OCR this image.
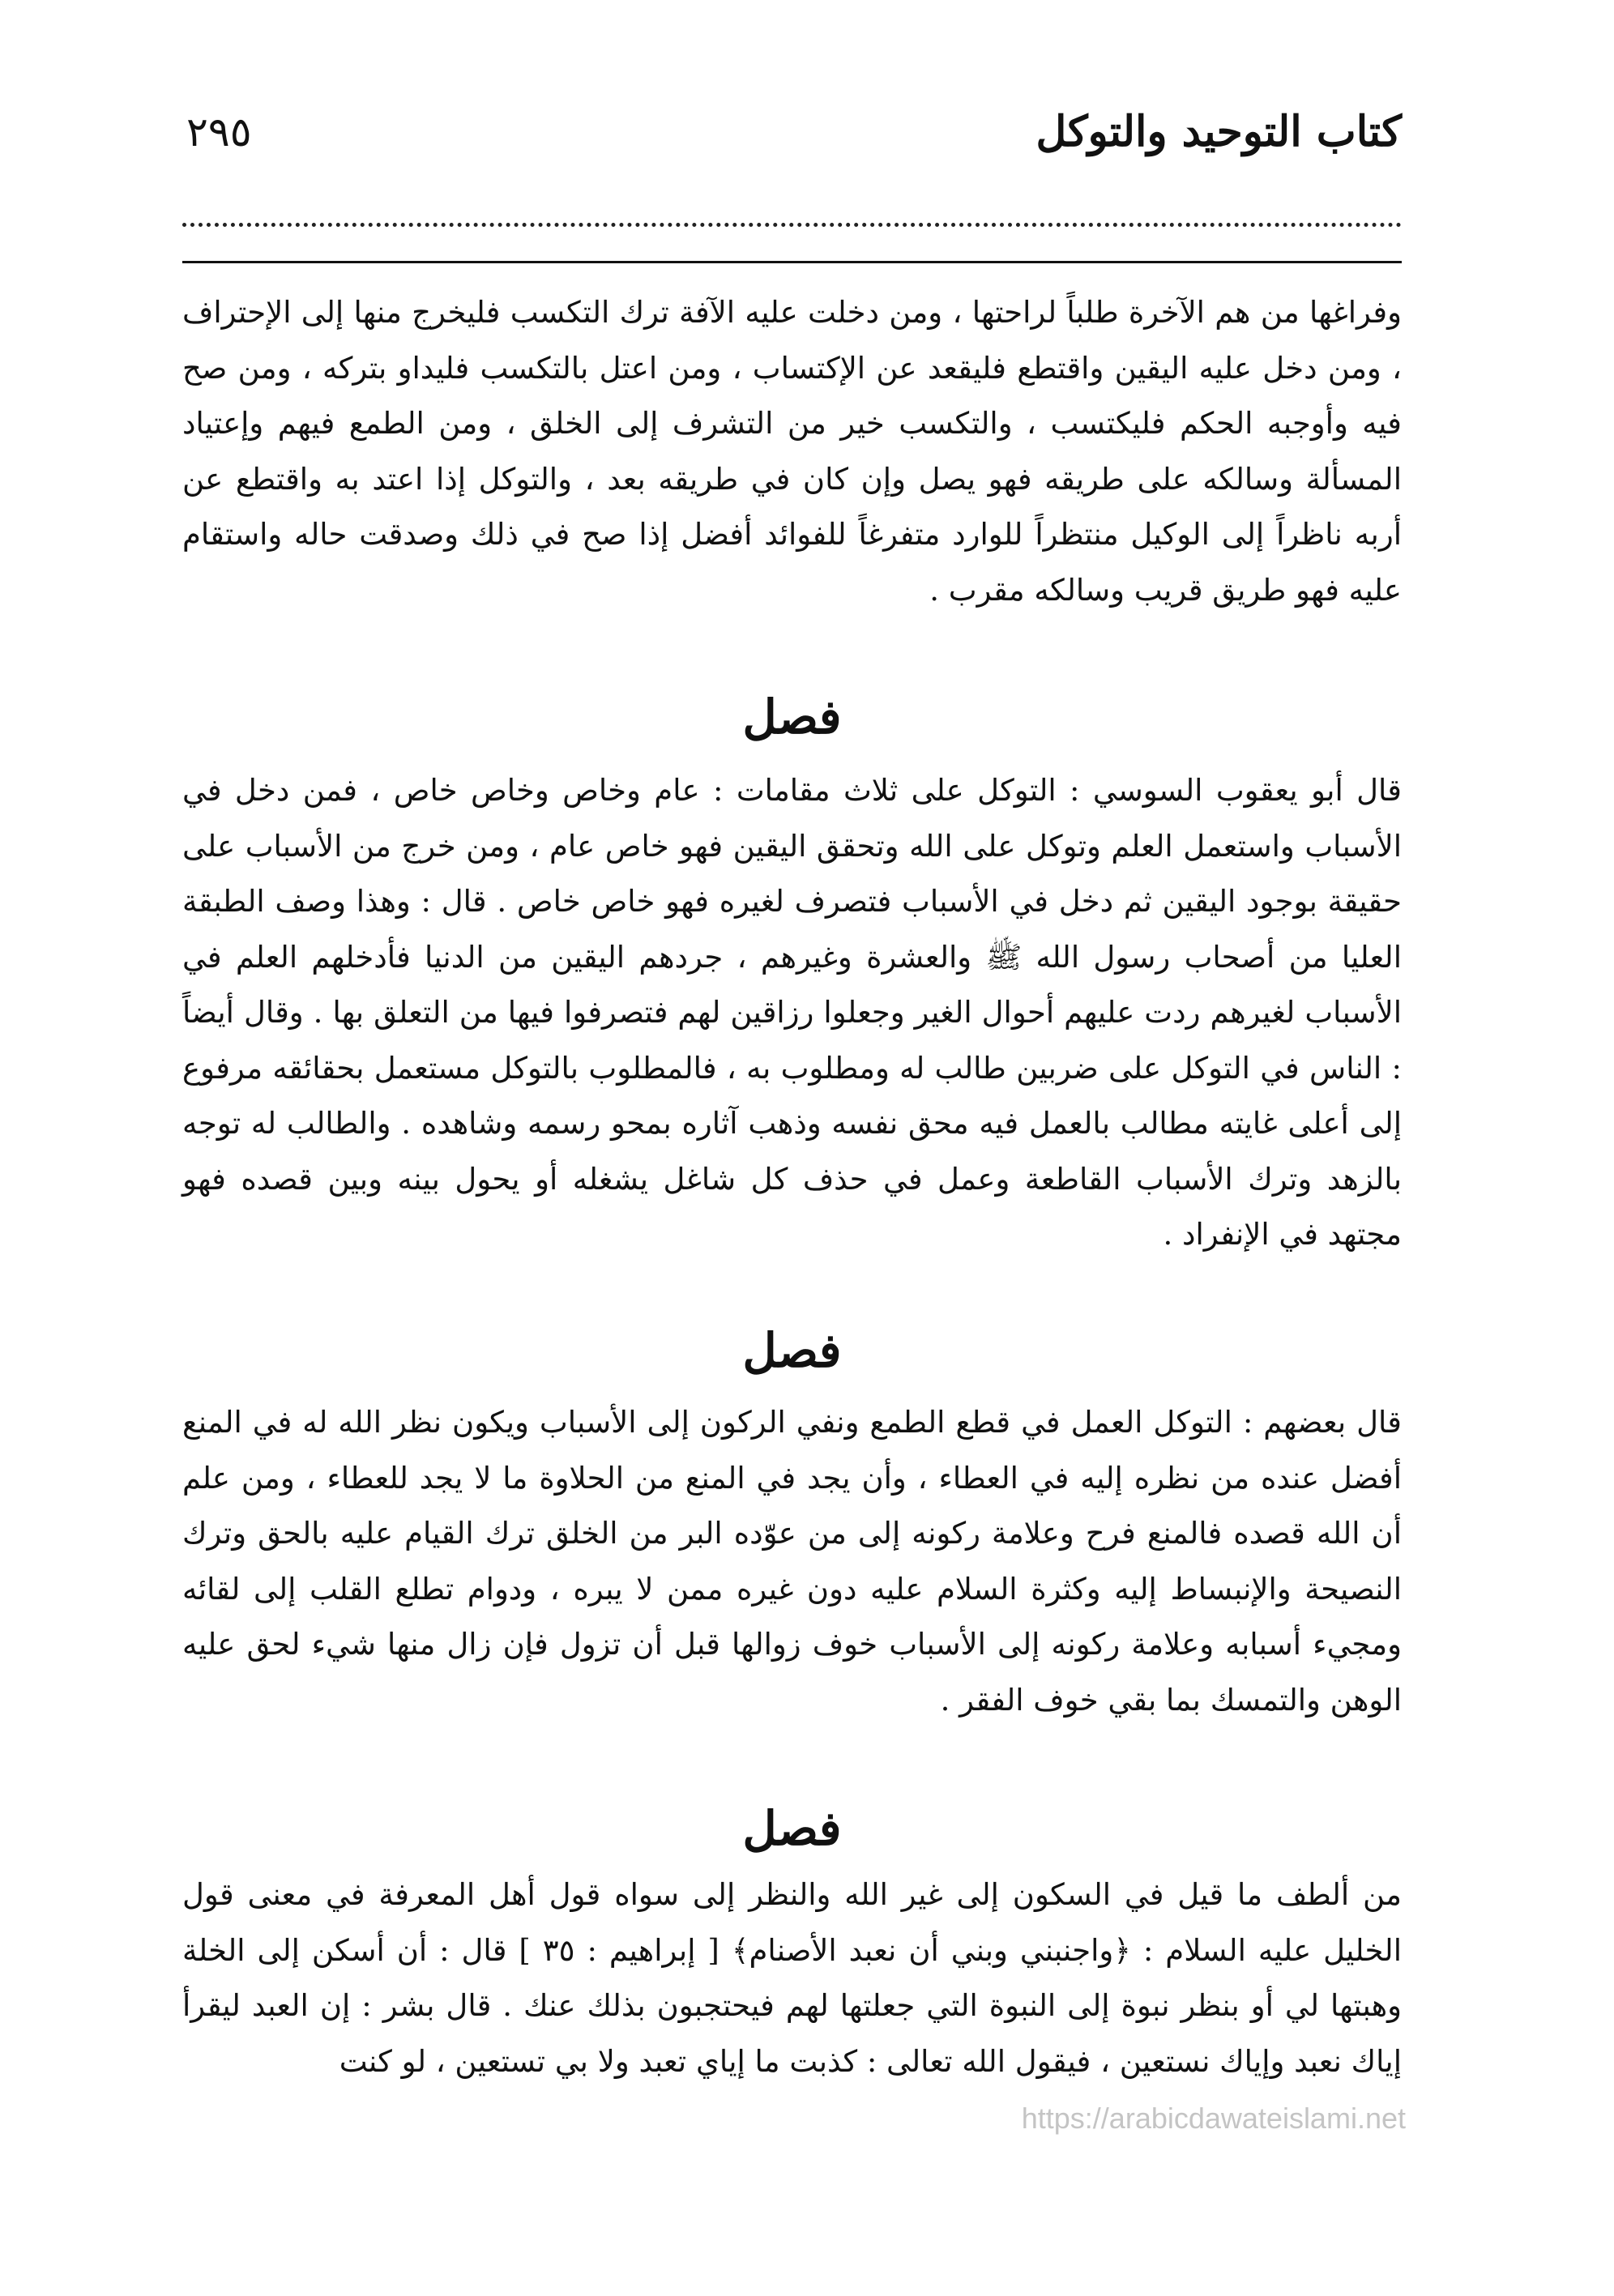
كتاب التوحيد والتوكل
٢٩٥

وفراغها من هم الآخرة طلباً لراحتها ، ومن دخلت عليه الآفة ترك التكسب فليخرج منها إلى الإحتراف ، ومن دخل عليه اليقين واقتطع فليقعد عن الإكتساب ، ومن اعتل بالتكسب فليداو بتركه ، ومن صح فيه وأوجبه الحكم فليكتسب ، والتكسب خير من التشرف إلى الخلق ، ومن الطمع فيهم وإعتياد المسألة وسالكه على طريقه فهو يصل وإن كان في طريقه بعد ، والتوكل إذا اعتد به واقتطع عن أربه ناظراً إلى الوكيل منتظراً للوارد متفرغاً للفوائد أفضل إذا صح في ذلك وصدقت حاله واستقام عليه فهو طريق قريب وسالكه مقرب .

فصل

قال أبو يعقوب السوسي : التوكل على ثلاث مقامات : عام وخاص وخاص خاص ، فمن دخل في الأسباب واستعمل العلم وتوكل على الله وتحقق اليقين فهو خاص عام ، ومن خرج من الأسباب على حقيقة بوجود اليقين ثم دخل في الأسباب فتصرف لغيره فهو خاص خاص . قال : وهذا وصف الطبقة العليا من أصحاب رسول الله ﷺ والعشرة وغيرهم ، جردهم اليقين من الدنيا فأدخلهم العلم في الأسباب لغيرهم ردت عليهم أحوال الغير وجعلوا رزاقين لهم فتصرفوا فيها من التعلق بها . وقال أيضاً : الناس في التوكل على ضربين طالب له ومطلوب به ، فالمطلوب بالتوكل مستعمل بحقائقه مرفوع إلى أعلى غايته مطالب بالعمل فيه محق نفسه وذهب آثاره بمحو رسمه وشاهده . والطالب له توجه بالزهد وترك الأسباب القاطعة وعمل في حذف كل شاغل يشغله أو يحول بينه وبين قصده فهو مجتهد في الإنفراد .

فصل

قال بعضهم : التوكل العمل في قطع الطمع ونفي الركون إلى الأسباب ويكون نظر الله له في المنع أفضل عنده من نظره إليه في العطاء ، وأن يجد في المنع من الحلاوة ما لا يجد للعطاء ، ومن علم أن الله قصده فالمنع فرح وعلامة ركونه إلى من عوّده البر من الخلق ترك القيام عليه بالحق وترك النصيحة والإنبساط إليه وكثرة السلام عليه دون غيره ممن لا يبره ، ودوام تطلع القلب إلى لقائه ومجيء أسبابه وعلامة ركونه إلى الأسباب خوف زوالها قبل أن تزول فإن زال منها شيء لحق عليه الوهن والتمسك بما بقي خوف الفقر .

فصل

من ألطف ما قيل في السكون إلى غير الله والنظر إلى سواه قول أهل المعرفة في معنى قول الخليل عليه السلام : ﴿واجنبني وبني أن نعبد الأصنام﴾ [ إبراهيم : ٣٥ ] قال : أن أسكن إلى الخلة وهبتها لي أو بنظر نبوة إلى النبوة التي جعلتها لهم فيحتجبون بذلك عنك . قال بشر : إن العبد ليقرأ إياك نعبد وإياك نستعين ، فيقول الله تعالى : كذبت ما إياي تعبد ولا بي تستعين ، لو كنت

https://arabicdawateislami.net
